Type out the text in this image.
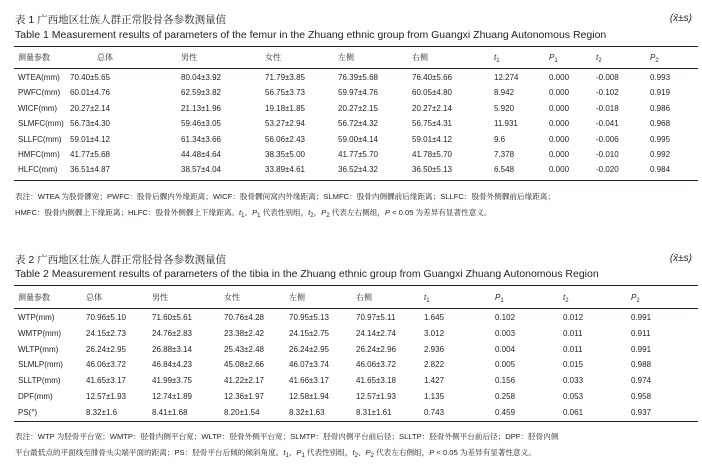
表 1 广西地区壮族人群正常股骨各参数测量值	(x̄±s)
Table 1 Measurement results of parameters of the femur in the Zhuang ethnic group from Guangxi Zhuang Autonomous Region
测量参数	总体	男性	女性	左侧	右侧	$t_1$	$P_1$	$t_2$	$P_2$
WTEA(mm) 70.40±5.65	80.04±3.92	71.79±3.85	76.39±5.68	76.40±5.66	12.274	0.000	-0.008	0.993
PWFC(mm) 60.01±4.76	62.59±3.82	56.75±3.73	59.97±4.76	60.05±4.80	8.942	0.000	-0.102	0.919
WICF(mm) 20.27±2.14	21.13±1.96	19.18±1.85	20.27±2.15	20.27±2.14	5.920	0.000	-0.018	0.986
SLMFC(mm) 56.73±4.30	59.46±3.05	53.27±2.94	56.72±4.32	56.75±4.31	11.931	0.000	-0.041	0.968
SLLFC(mm) 59.01±4.12	61.34±3.66	56.06±2.43	59.00±4.14	59.01±4.12	9.6	0.000	-0.006	0.995
HMFC(mm) 41.77±5.68	44.48±4.64	38.35±5.00	41.77±5.70	41.78±5.70	7.378	0.000	-0.010	0.992
HLFC(mm) 36.51±4.87	38.57±4.04	33.89±4.61	36.52±4.32	36.50±5.13	6.548	0.000	-0.020	0.984
表注：WTEA 为股骨髁宽；PWFC：股骨后髁内外缘距离；WICF：股骨髁间窝内外缘距离；SLMFC：股骨内侧髁前后缘距离；SLLFC：股骨外侧髁前后缘距离；
HMFC：股骨内侧髁上下缘距离；HLFC：股骨外侧髁上下缘距离。$t_1$、$P_1$ 代表性别组，$t_2$，$P_2$ 代表左右侧组，P < 0.05 为差异有显著性意义。
表 2 广西地区壮族人群正常胫骨各参数测量值	(x̄±s)
Table 2 Measurement results of parameters of the tibia in the Zhuang ethnic group from Guangxi Zhuang Autonomous Region
测量参数	总体	男性	女性	左侧	右侧	$t_1$	$P_1$	$t_2$	$P_2$
WTP(mm)	70.96±5.10	71.60±5.61	70.76±4.28	70.95±5.13	70.97±5.11	1.645	0.102	0.012	0.991
WMTP(mm)	24.15±2.73	24.76±2.83	23.38±2.42	24.15±2.75	24.14±2.74	3.012	0.003	0.011	0.911
WLTP(mm)	26.24±2.95	26.88±3.14	25.43±2.48	26.24±2.95	26.24±2.96	2.936	0.004	0.011	0.991
SLMLP(mm)	46.06±3.72	46.84±4.23	45.08±2.66	46.07±3.74	46.06±3.72	2.822	0.005	0.015	0.988
SLLTP(mm)	41.65±3.17	41.99±3.75	41.22±2.17	41.66±3.17	41.65±3.18	1.427	0.156	0.033	0.974
DPF(mm)	12.57±1.93	12.74±1.89	12.36±1.97	12.58±1.94	12.57±1.93	1.135	0.258	0.053	0.958
PS(°)	8.32±1.6	8.41±1.68	8.20±1.54	8.32±1.63	8.31±1.61	0.743	0.459	0.061	0.937
表注：WTP 为胫骨平台宽；WMTP：胫骨内侧平台宽；WLTP：胫骨外侧平台宽；SLMTP：胫骨内侧平台前后径；SLLTP：胫骨外侧平台前后径；DPF：胫骨内侧
平台最低点的平面线至腓骨头尖端平面的距离；PS：胫骨平台后倾的倾斜角度。$t_1$、$P_1$ 代表性别组，$t_2$、$P_2$ 代表左右侧组，P < 0.05 为差异有显著性意义。
